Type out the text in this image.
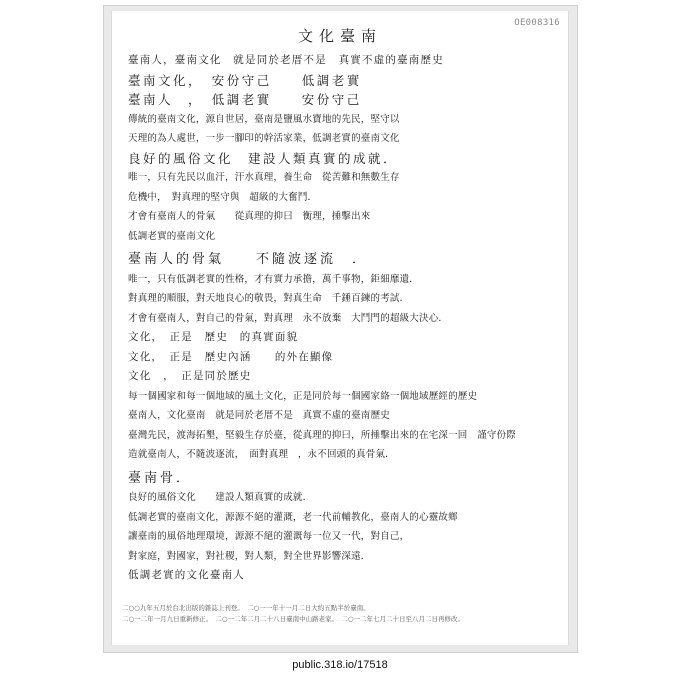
OE008316
文化臺南
臺南人，臺南文化　就是同於老厝不是　真實不虛的臺南歷史
臺南文化，　安份守己　　低調老實
臺南人　，　低調老實　　安份守己
傳統的臺南文化，源自世居，臺南是鹽風水寶地的先民，堅守以
天理的為人處世，一步一腳印的幹活家業，低調老實的臺南文化
良好的風俗文化　建設人類真實的成就．
唯一，只有先民以血汗，汗水真理，養生命　從苦難和無數生存
危機中，　對真理的堅守與　超級的大奮鬥．
才會有臺南人的骨氣　　從真理的抑曰　衡理，捶擊出來
低調老實的臺南文化
臺南人的骨氣　　不隨波逐流　．
唯一，只有低調老實的性格，才有實力承擔，萬千事物，鉅細靡遺．
對真理的順服，對天地良心的敬畏，對真生命　千錘百鍊的考試．
才會有臺南人，對自己的骨氣，對真理　永不放棄　大鬥門的超級大決心．
文化，　正是　歷史　的真實面貌
文化，　正是　歷史內涵　　的外在顯像
文化　，　正是同於歷史
每一個國家和每一個地域的風土文化，正是同於每一個國家絡一個地域歷經的歷史
臺南人，文化臺南　就是同於老厝不是　真實不虛的臺南歷史
臺灣先民，渡海拓墾，堅毅生存於臺，從真理的抑曰，所捶擊出來的在宅深一回　謹守份際
造就臺南人，不隨波逐流，　面對真理　，永不回頭的真骨氣．
臺南骨．
良好的風俗文化　　建設人類真實的成就．
低調老實的臺南文化，源源不絕的灌溉，老一代前輔教化，臺南人的心靈故鄉
讓臺南的風俗地理環境，源源不絕的灌溉每一位又一代，對自己，
對家庭，對國家，對社稷，對人類，對全世界影響深遠．
低調老實的文化臺南人
二○○九年五月於台北出版的雜誌上刊登。　二○一一年十一月二日大約五點半於臺南。
二○一二年一月九日重新修正。　二○一二年二月二十八日臺南中山路老家。　二○一二年七月二十日至八月二日再修改。
public.318.io/17518
